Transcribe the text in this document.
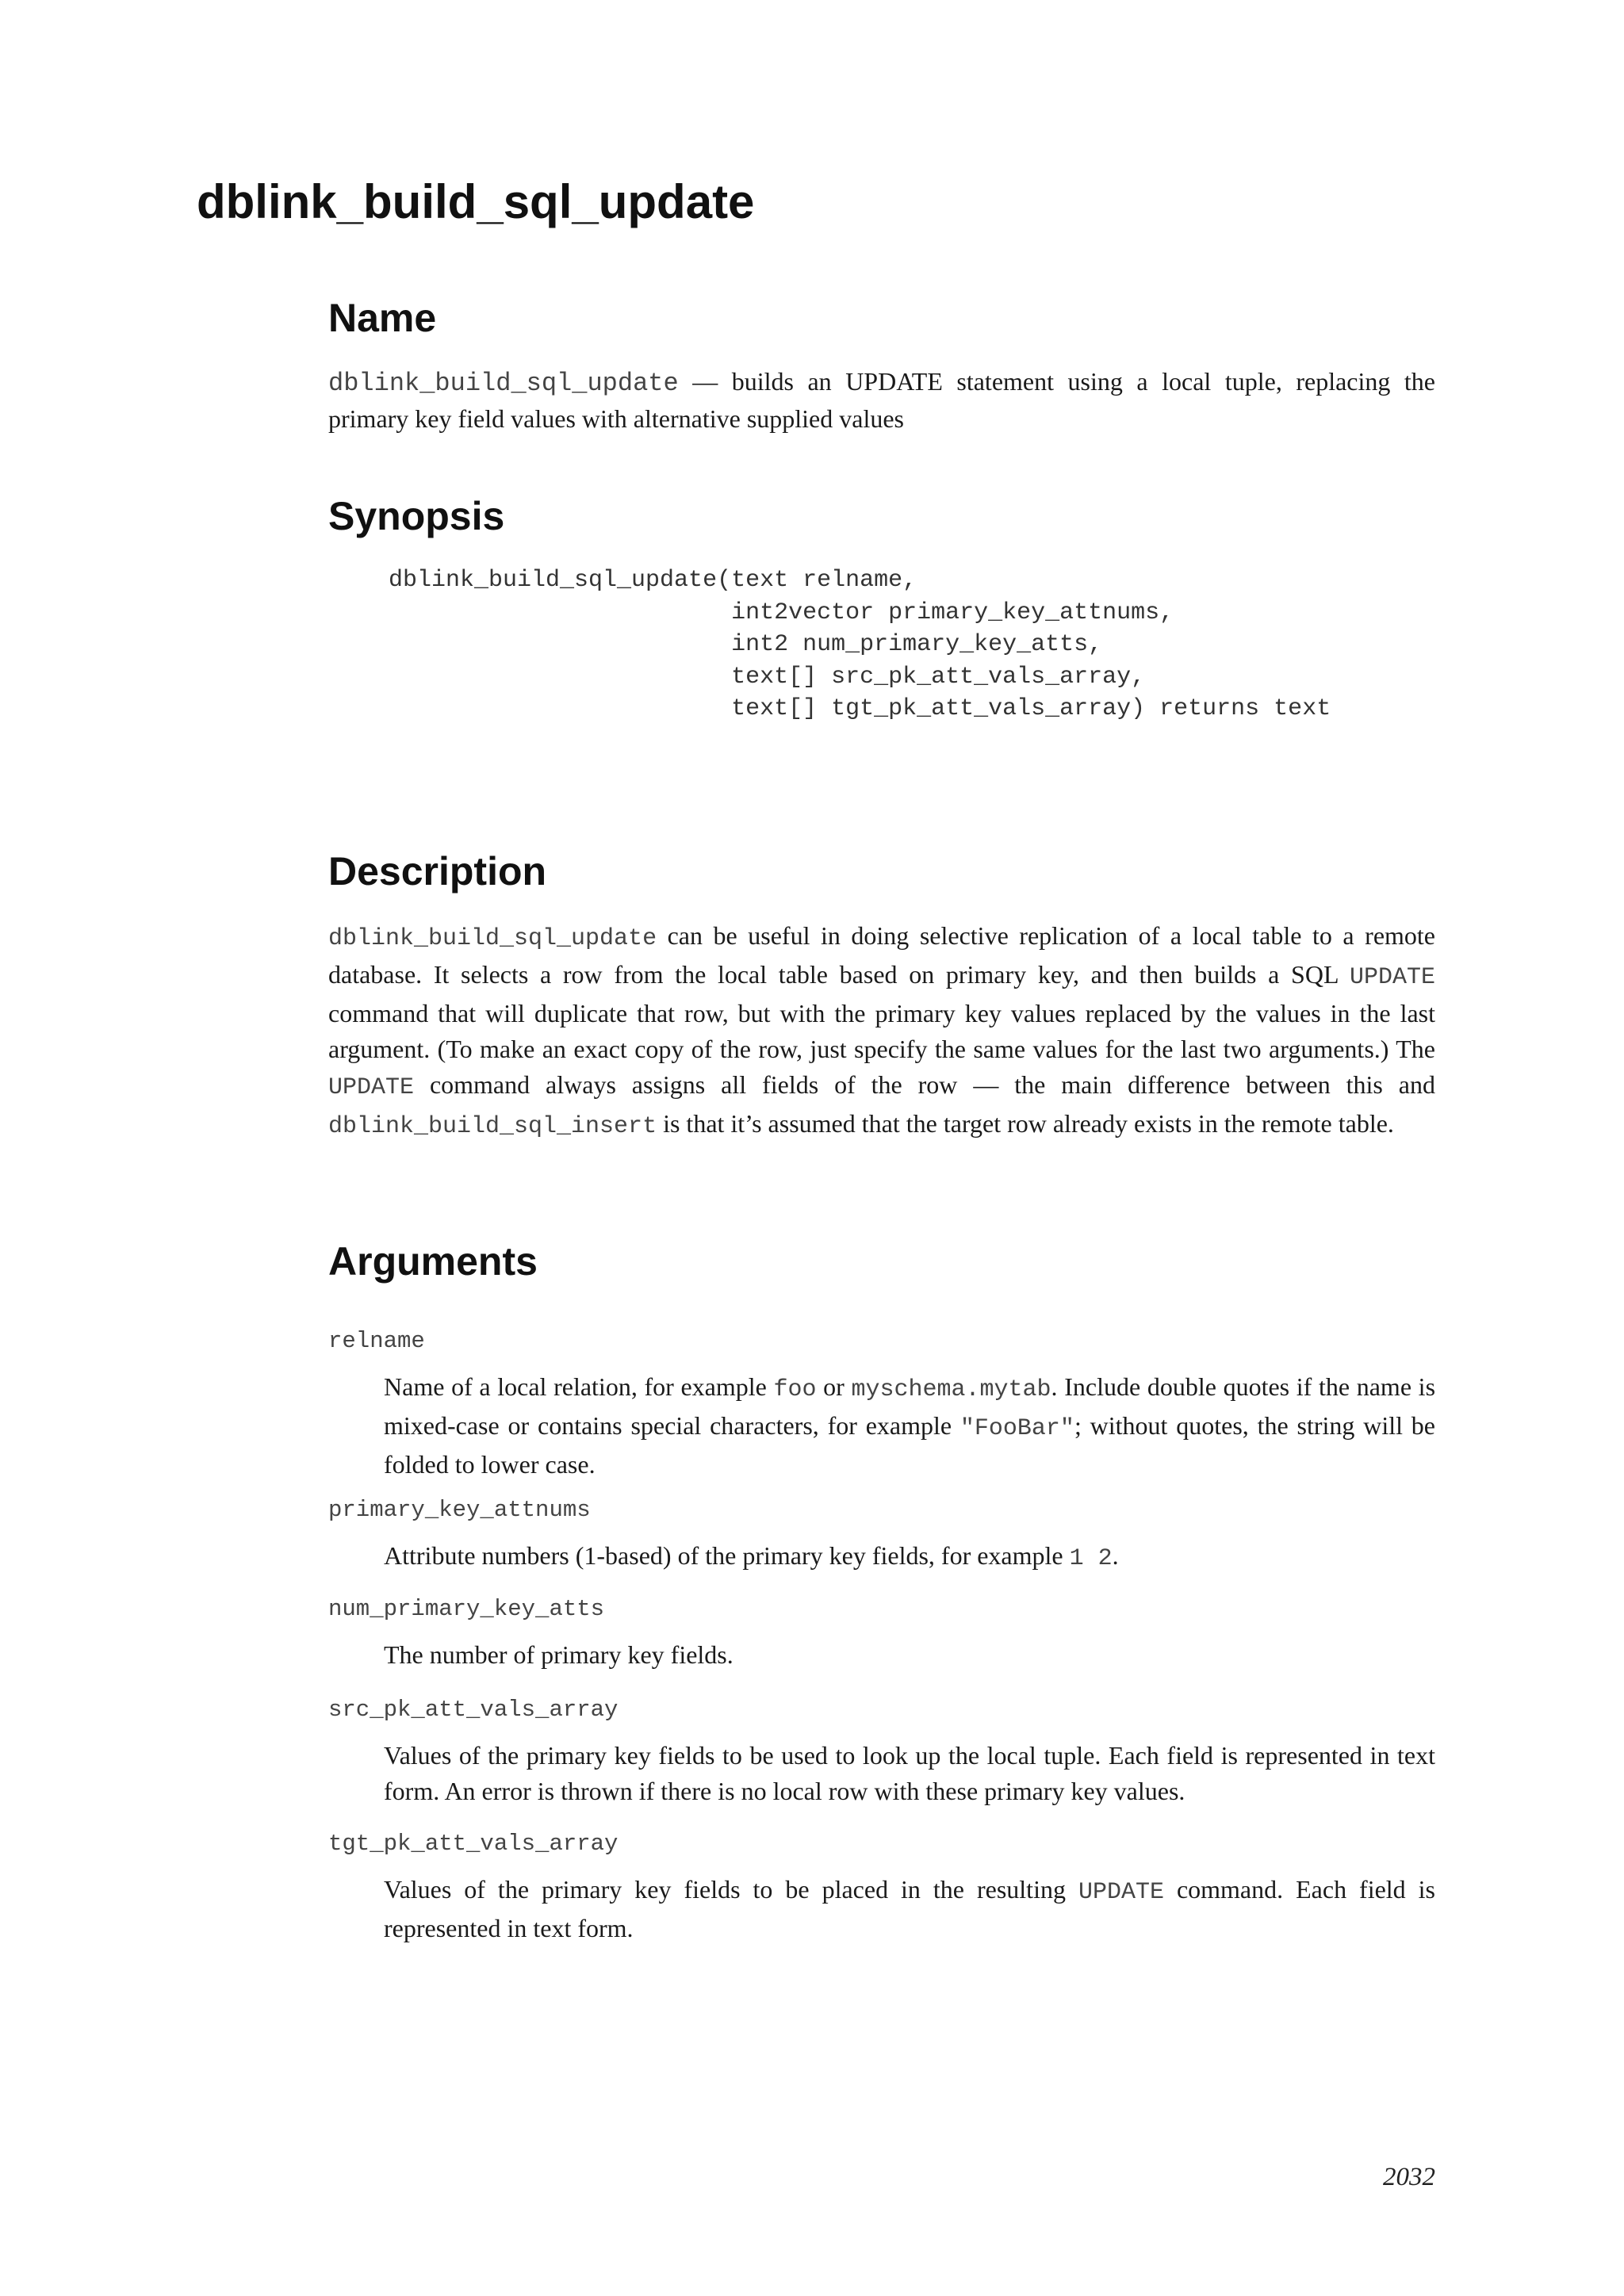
dblink_build_sql_update
Name

dblink_build_sql_update — builds an UPDATE statement using a local tuple, replacing the primary key field values with alternative supplied values

Synopsis
dblink_build_sql_update(text relname,
int2vector primary_key_attnums,
int2 num_primary_key_atts,
text[] src_pk_att_vals_array,
text[] tgt_pk_att_vals_array) returns text
Description

dblink_build_sql_update can be useful in doing selective replication of a local table to a remote database. It selects a row from the local table based on primary key, and then builds a SQL UPDATE command that will duplicate that row, but with the primary key values replaced by the values in the last argument. (To make an exact copy of the row, just specify the same values for the last two arguments.) The UPDATE command always assigns all fields of the row — the main difference between this and dblink_build_sql_insert is that it’s assumed that the target row already exists in the remote table.

Arguments

relname

Name of a local relation, for example foo or myschema.mytab. Include double quotes if the name is mixed-case or contains special characters, for example "FooBar"; without quotes, the string will be folded to lower case.

primary_key_attnums

Attribute numbers (1-based) of the primary key fields, for example 1 2.

num_primary_key_atts

The number of primary key fields.

src_pk_att_vals_array

Values of the primary key fields to be used to look up the local tuple. Each field is represented in text form. An error is thrown if there is no local row with these primary key values.

tgt_pk_att_vals_array

Values of the primary key fields to be placed in the resulting UPDATE command. Each field is represented in text form.

2032
